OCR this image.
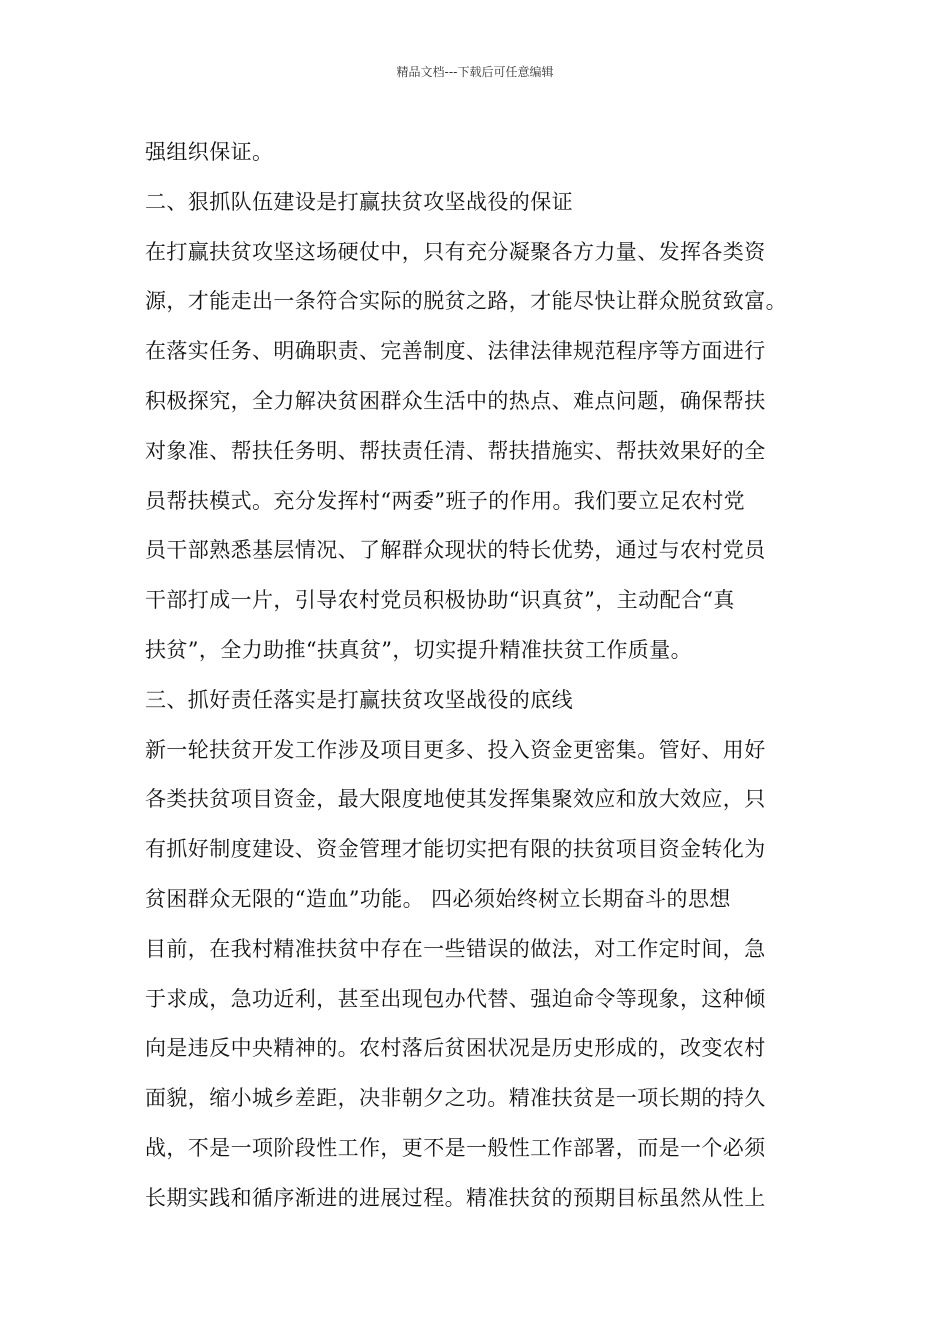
精品文档---下载后可任意编辑
强组织保证。
二、狠抓队伍建设是打赢扶贫攻坚战役的保证
在打赢扶贫攻坚这场硬仗中，只有充分凝聚各方力量、发挥各类资
源，才能走出一条符合实际的脱贫之路，才能尽快让群众脱贫致富。
在落实任务、明确职责、完善制度、法律法律规范程序等方面进行
积极探究，全力解决贫困群众生活中的热点、难点问题，确保帮扶
对象准、帮扶任务明、帮扶责任清、帮扶措施实、帮扶效果好的全
员帮扶模式。充分发挥村“两委”班子的作用。我们要立足农村党
员干部熟悉基层情况、了解群众现状的特长优势，通过与农村党员
干部打成一片，引导农村党员积极协助“识真贫”，主动配合“真
扶贫”，全力助推“扶真贫”，切实提升精准扶贫工作质量。
三、抓好责任落实是打赢扶贫攻坚战役的底线
新一轮扶贫开发工作涉及项目更多、投入资金更密集。管好、用好
各类扶贫项目资金，最大限度地使其发挥集聚效应和放大效应，只
有抓好制度建设、资金管理才能切实把有限的扶贫项目资金转化为
贫困群众无限的“造血”功能。 四必须始终树立长期奋斗的思想
目前，在我村精准扶贫中存在一些错误的做法，对工作定时间，急
于求成，急功近利，甚至出现包办代替、强迫命令等现象，这种倾
向是违反中央精神的。农村落后贫困状况是历史形成的，改变农村
面貌，缩小城乡差距，决非朝夕之功。精准扶贫是一项长期的持久
战，不是一项阶段性工作，更不是一般性工作部署，而是一个必须
长期实践和循序渐进的进展过程。精准扶贫的预期目标虽然从性上
